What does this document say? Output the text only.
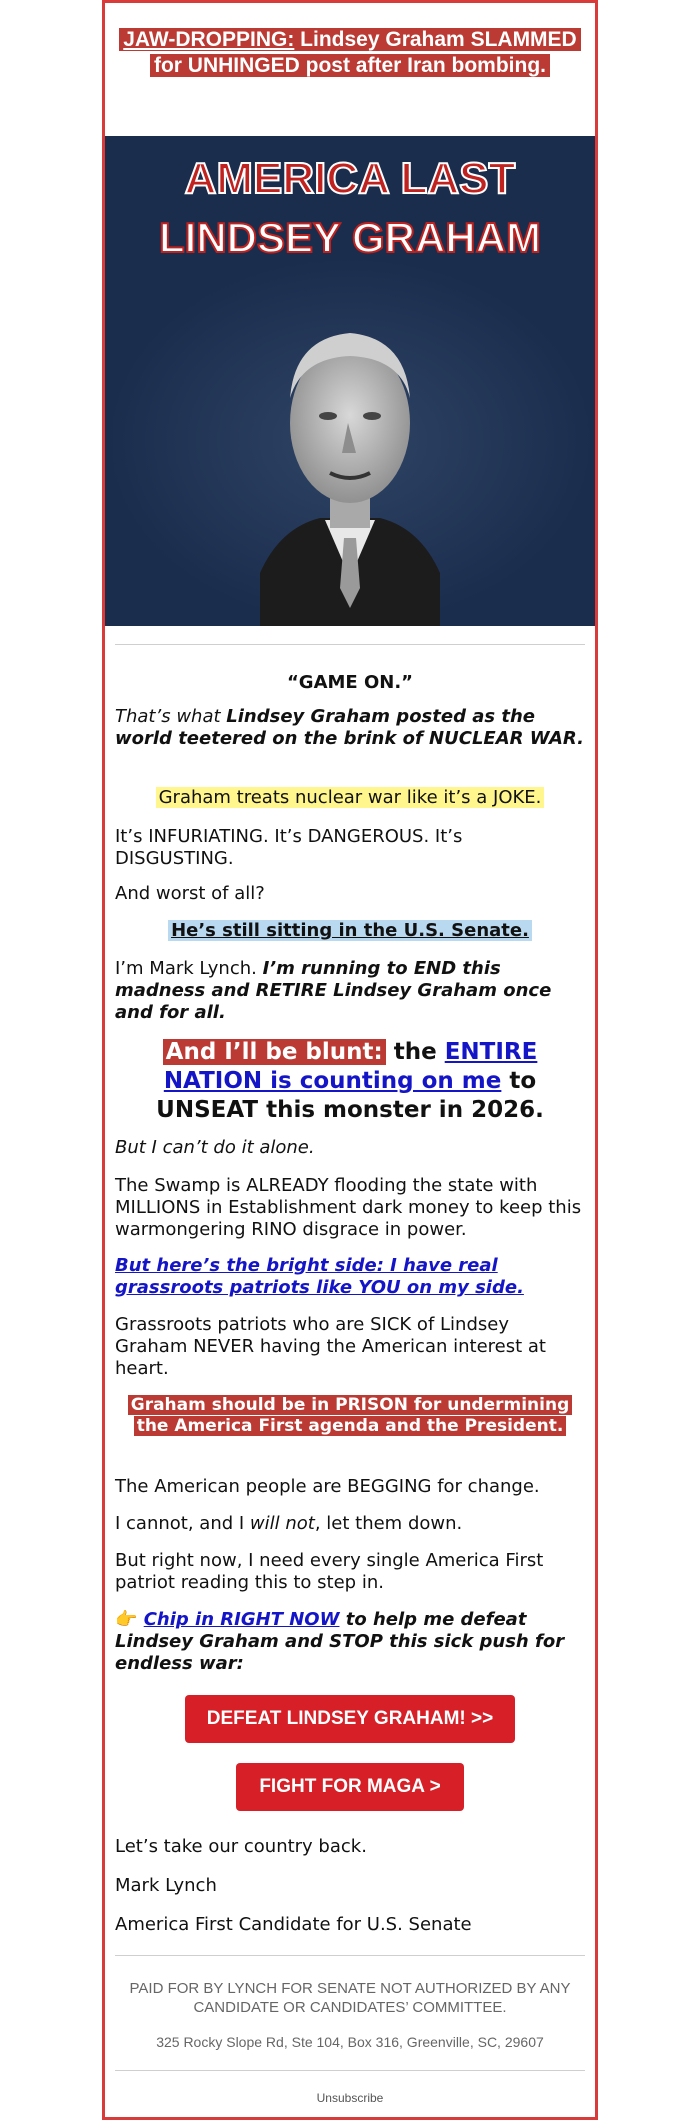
JAW-DROPPING: Lindsey Graham SLAMMED for UNHINGED post after Iran bombing.
AMERICA LAST
LINDSEY GRAHAM
“GAME ON.”
That’s what Lindsey Graham posted as the world teetered on the brink of NUCLEAR WAR.
Graham treats nuclear war like it’s a JOKE.
It’s INFURIATING. It’s DANGEROUS. It’s DISGUSTING.
And worst of all?
He’s still sitting in the U.S. Senate.
I’m Mark Lynch. I’m running to END this madness and RETIRE Lindsey Graham once and for all.
And I’ll be blunt: the ENTIRE NATION is counting on me to UNSEAT this monster in 2026.
But I can’t do it alone.
The Swamp is ALREADY flooding the state with MILLIONS in Establishment dark money to keep this warmongering RINO disgrace in power.
But here’s the bright side: I have real grassroots patriots like YOU on my side.
Grassroots patriots who are SICK of Lindsey Graham NEVER having the American interest at heart.
Graham should be in PRISON for undermining the America First agenda and the President.
The American people are BEGGING for change.
I cannot, and I will not, let them down.
But right now, I need every single America First patriot reading this to step in.
👉 Chip in RIGHT NOW to help me defeat Lindsey Graham and STOP this sick push for endless war:
DEFEAT LINDSEY GRAHAM! >>
FIGHT FOR MAGA >
Let’s take our country back.
Mark Lynch
America First Candidate for U.S. Senate
PAID FOR BY LYNCH FOR SENATE NOT AUTHORIZED BY ANY CANDIDATE OR CANDIDATES’ COMMITTEE.
325 Rocky Slope Rd, Ste 104, Box 316, Greenville, SC, 29607
Unsubscribe
